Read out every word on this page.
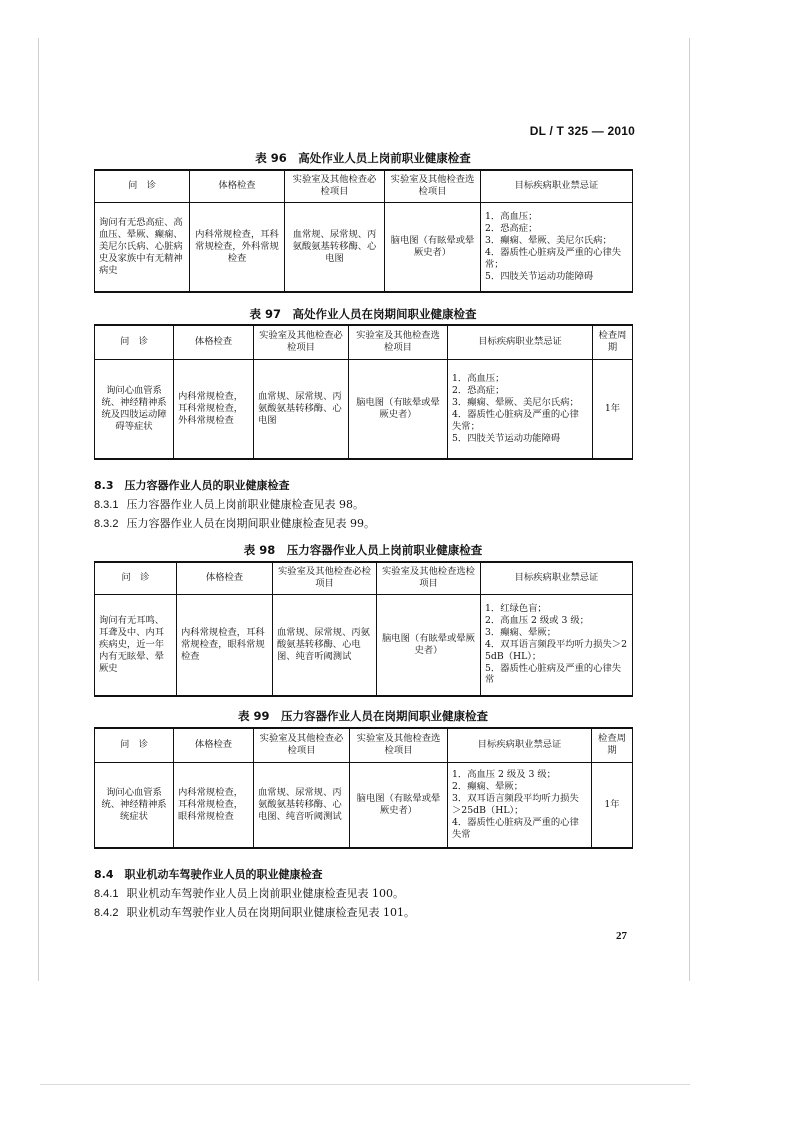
DL / T 325 — 2010
表 96　高处作业人员上岗前职业健康检查
问　诊	体格检查	实验室及其他检查必检项目	实验室及其他检查选检项目	目标疾病职业禁忌证
询问有无恐高症、高血压、晕厥、癫痫、美尼尔氏病、心脏病史及家族中有无精神病史	内科常规检查，耳科常规检查，外科常规检查	血常规、尿常规、丙氨酸氨基转移酶、心电图	脑电图（有眩晕或晕厥史者）	1．高血压；
2．恐高症；
3．癫痫、晕厥、美尼尔氏病；
4．器质性心脏病及严重的心律失常；
5．四肢关节运动功能障碍
表 97　高处作业人员在岗期间职业健康检查
问　诊	体格检查	实验室及其他检查必检项目	实验室及其他检查选检项目	目标疾病职业禁忌证	检查周期
询问心血管系统、神经精神系统及四肢运动障碍等症状	内科常规检查，耳科常规检查，外科常规检查	血常规、尿常规、丙氨酸氨基转移酶、心电图	脑电图（有眩晕或晕厥史者）	1．高血压；
2．恐高症；
3．癫痫、晕厥、美尼尔氏病；
4．器质性心脏病及严重的心律失常；
5．四肢关节运动功能障碍	1年
8.3　压力容器作业人员的职业健康检查
8.3.1 压力容器作业人员上岗前职业健康检查见表 98。
8.3.2 压力容器作业人员在岗期间职业健康检查见表 99。
表 98　压力容器作业人员上岗前职业健康检查
问　诊	体格检查	实验室及其他检查必检项目	实验室及其他检查选检项目	目标疾病职业禁忌证
询问有无耳鸣、耳聋及中、内耳疾病史，近一年内有无眩晕、晕厥史	内科常规检查，耳科常规检查，眼科常规检查	血常规、尿常规、丙氨酸氨基转移酶、心电图、纯音听阈测试	脑电图（有眩晕或晕厥史者）	1．红绿色盲；
2．高血压 2 级或 3 级；
3．癫痫、晕厥；
4．双耳语言频段平均听力损失＞25dB（HL）；
5．器质性心脏病及严重的心律失常
表 99　压力容器作业人员在岗期间职业健康检查
问　诊	体格检查	实验室及其他检查必检项目	实验室及其他检查选检项目	目标疾病职业禁忌证	检查周期
询问心血管系统、神经精神系统症状	内科常规检查，耳科常规检查，眼科常规检查	血常规、尿常规、丙氨酸氨基转移酶、心电图、纯音听阈测试	脑电图（有眩晕或晕厥史者）	1．高血压 2 级及 3 级；
2．癫痫、晕厥；
3．双耳语言频段平均听力损失＞25dB（HL）；
4．器质性心脏病及严重的心律失常	1年
8.4　职业机动车驾驶作业人员的职业健康检查
8.4.1 职业机动车驾驶作业人员上岗前职业健康检查见表 100。
8.4.2 职业机动车驾驶作业人员在岗期间职业健康检查见表 101。
27
